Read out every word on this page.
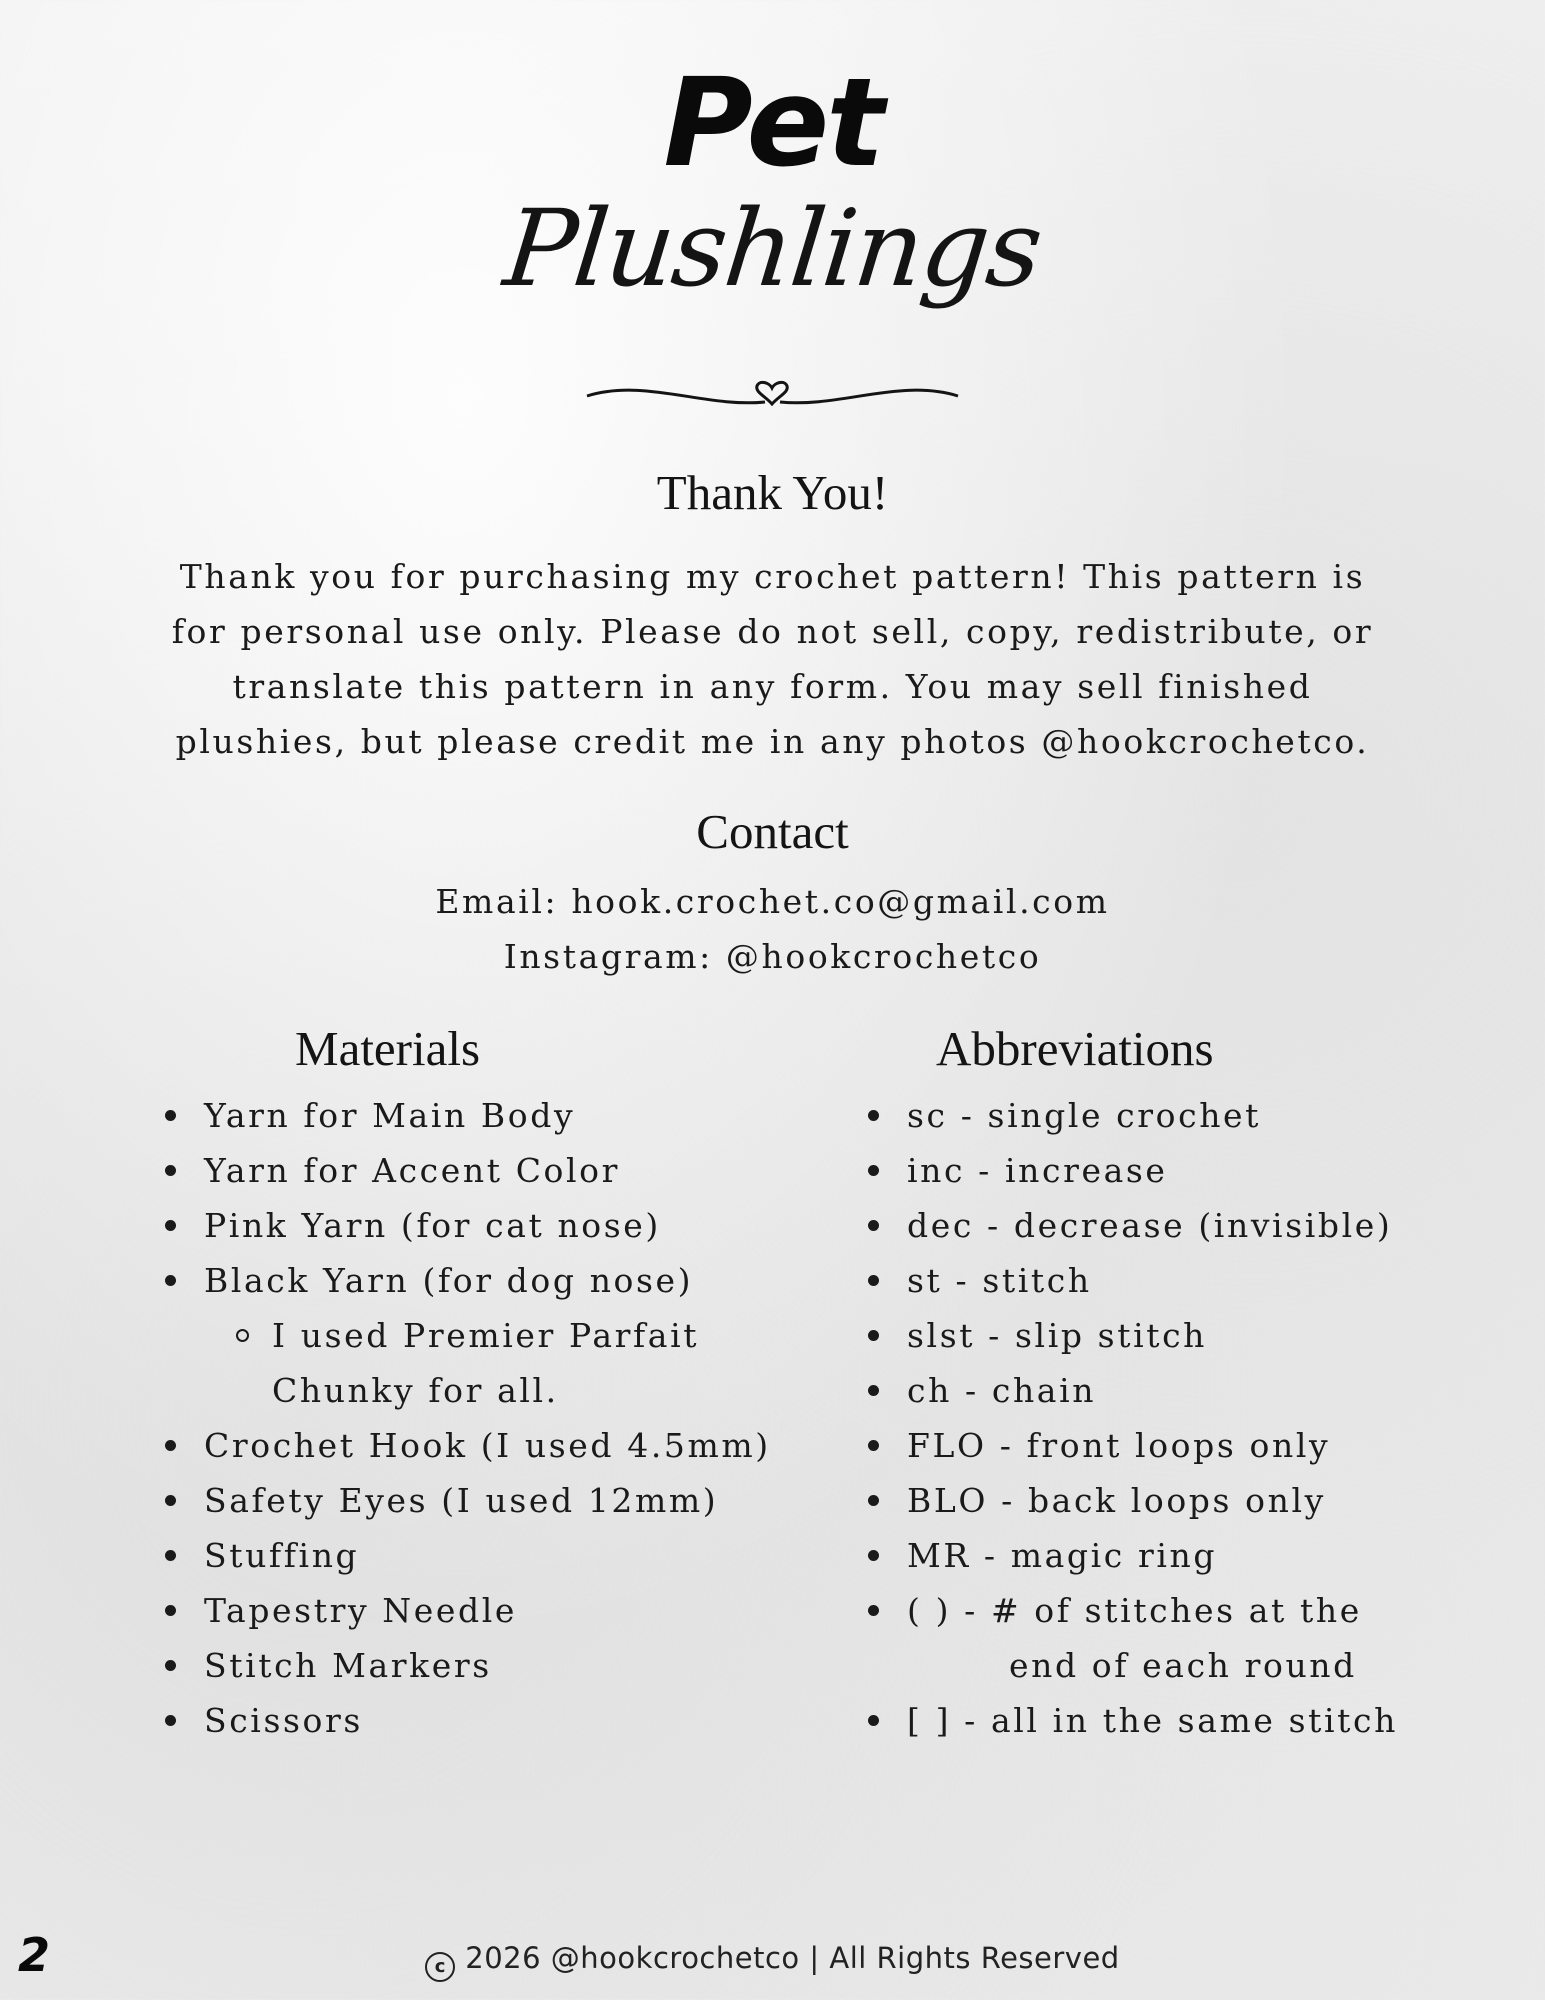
Pet
Plushlings
Thank You!
Thank you for purchasing my crochet pattern! This pattern is
for personal use only. Please do not sell, copy, redistribute, or
translate this pattern in any form. You may sell finished
plushies, but please credit me in any photos @hookcrochetco.
Contact
Email: hook.crochet.co@gmail.com
Instagram: @hookcrochetco
Materials
Yarn for Main Body
Yarn for Accent Color
Pink Yarn (for cat nose)
Black Yarn (for dog nose)
I used Premier Parfait
Chunky for all.
Crochet Hook (I used 4.5mm)
Safety Eyes (I used 12mm)
Stuffing
Tapestry Needle
Stitch Markers
Scissors
Abbreviations
sc - single crochet
inc - increase
dec - decrease (invisible)
st - stitch
slst - slip stitch
ch - chain
FLO - front loops only
BLO - back loops only
MR - magic ring
( ) - # of stitches at the
end of each round
[ ] - all in the same stitch
2	c 2026 @hookcrochetco | All Rights Reserved
